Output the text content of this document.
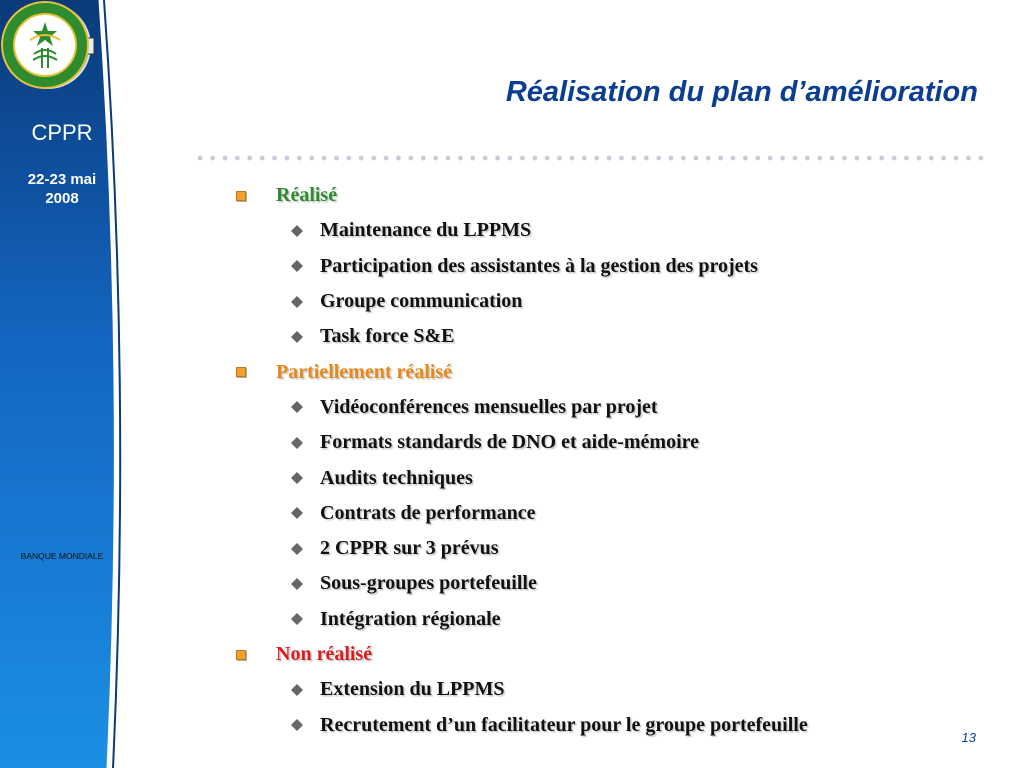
CPPR
22-23 mai 2008
BANQUE MONDIALE
Réalisation du plan d’amélioration
Réalisé
Maintenance du LPPMS
Participation des assistantes à la gestion des projets
Groupe communication
Task force S&E
Partiellement réalisé
Vidéoconférences mensuelles par projet
Formats standards de DNO et aide-mémoire
Audits techniques
Contrats de performance
2 CPPR sur 3 prévus
Sous-groupes portefeuille
Intégration régionale
Non réalisé
Extension du LPPMS
Recrutement d’un facilitateur pour le groupe portefeuille
13
